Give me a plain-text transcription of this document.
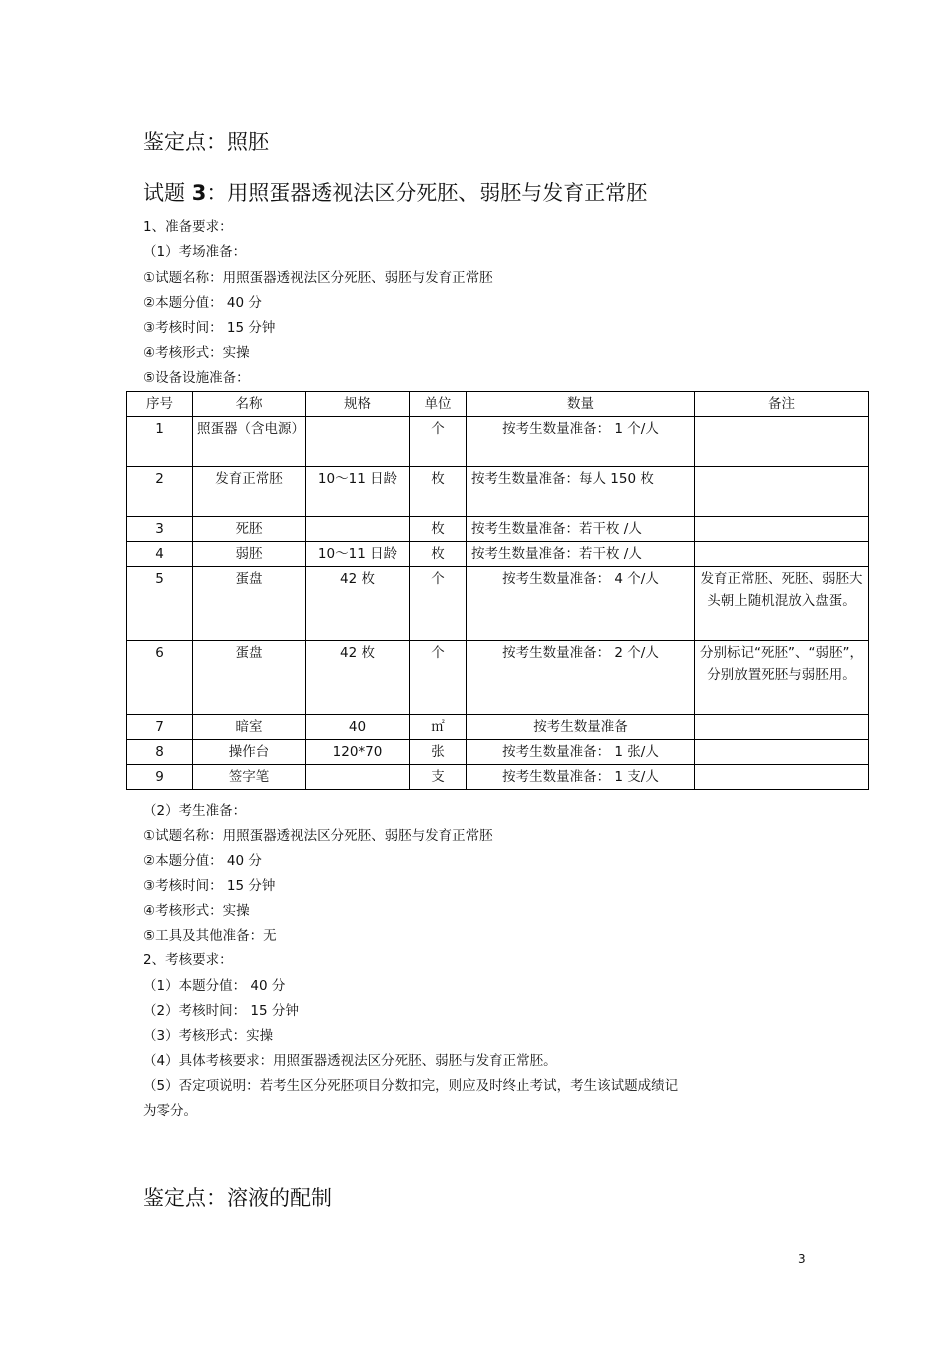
鉴定点：照胚
试题 3：用照蛋器透视法区分死胚、弱胚与发育正常胚
1、准备要求：
（1）考场准备：
①试题名称：用照蛋器透视法区分死胚、弱胚与发育正常胚
②本题分值： 40 分
③考核时间： 15 分钟
④考核形式：实操
⑤设备设施准备：
序号	名称	规格	单位	数量	备注
1	照蛋器（含电源）		个	按考生数量准备： 1 个/人	
2	发育正常胚	10～11 日龄	枚	按考生数量准备：每人 150 枚	
3	死胚		枚	按考生数量准备：若干枚 /人	
4	弱胚	10～11 日龄	枚	按考生数量准备：若干枚 /人	
5	蛋盘	42 枚	个	按考生数量准备： 4 个/人	发育正常胚、死胚、弱胚大头朝上随机混放入盘蛋。
6	蛋盘	42 枚	个	按考生数量准备： 2 个/人	分别标记“死胚”、“弱胚”，分别放置死胚与弱胚用。
7	暗室	40	㎡	按考生数量准备	
8	操作台	120*70	张	按考生数量准备： 1 张/人	
9	签字笔		支	按考生数量准备： 1 支/人	
（2）考生准备：
①试题名称：用照蛋器透视法区分死胚、弱胚与发育正常胚
②本题分值： 40 分
③考核时间： 15 分钟
④考核形式：实操
⑤工具及其他准备：无
2、考核要求：
（1）本题分值： 40 分
（2）考核时间： 15 分钟
（3）考核形式：实操
（4）具体考核要求：用照蛋器透视法区分死胚、弱胚与发育正常胚。
（5）否定项说明：若考生区分死胚项目分数扣完，则应及时终止考试，考生该试题成绩记
为零分。
鉴定点：溶液的配制
3
